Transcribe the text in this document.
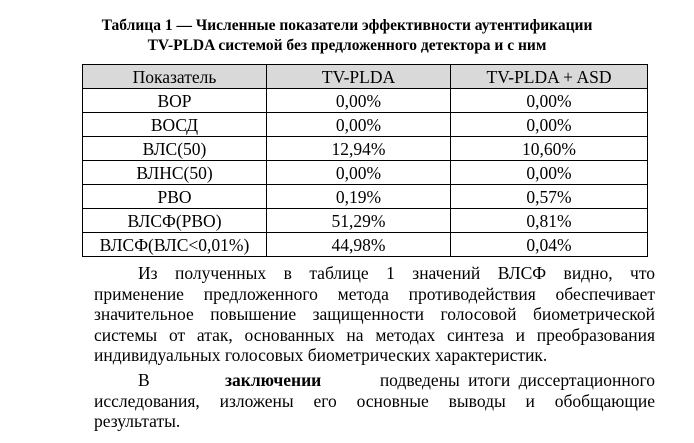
Таблица 1 — Численные показатели эффективности аутентификации
TV-PLDA системой без предложенного детектора и с ним
Показатель	TV-PLDA	TV-PLDA + ASD
ВОР	0,00%	0,00%
ВОСД	0,00%	0,00%
ВЛС(50)	12,94%	10,60%
ВЛНС(50)	0,00%	0,00%
РВО	0,19%	0,57%
ВЛСФ(РВО)	51,29%	0,81%
ВЛСФ(ВЛС<0,01%)	44,98%	0,04%
Из полученных в таблице 1 значений ВЛСФ видно, что
применение предложенного метода противодействия обеспечивает
значительное повышение защищенности голосовой биометрической
системы от атак, основанных на методах синтеза и преобразования
индивидуальных голосовых биометрических характеристик.
В	заключении	подведены итоги диссертационного
исследования, изложены его основные выводы и обобщающие
результаты.
